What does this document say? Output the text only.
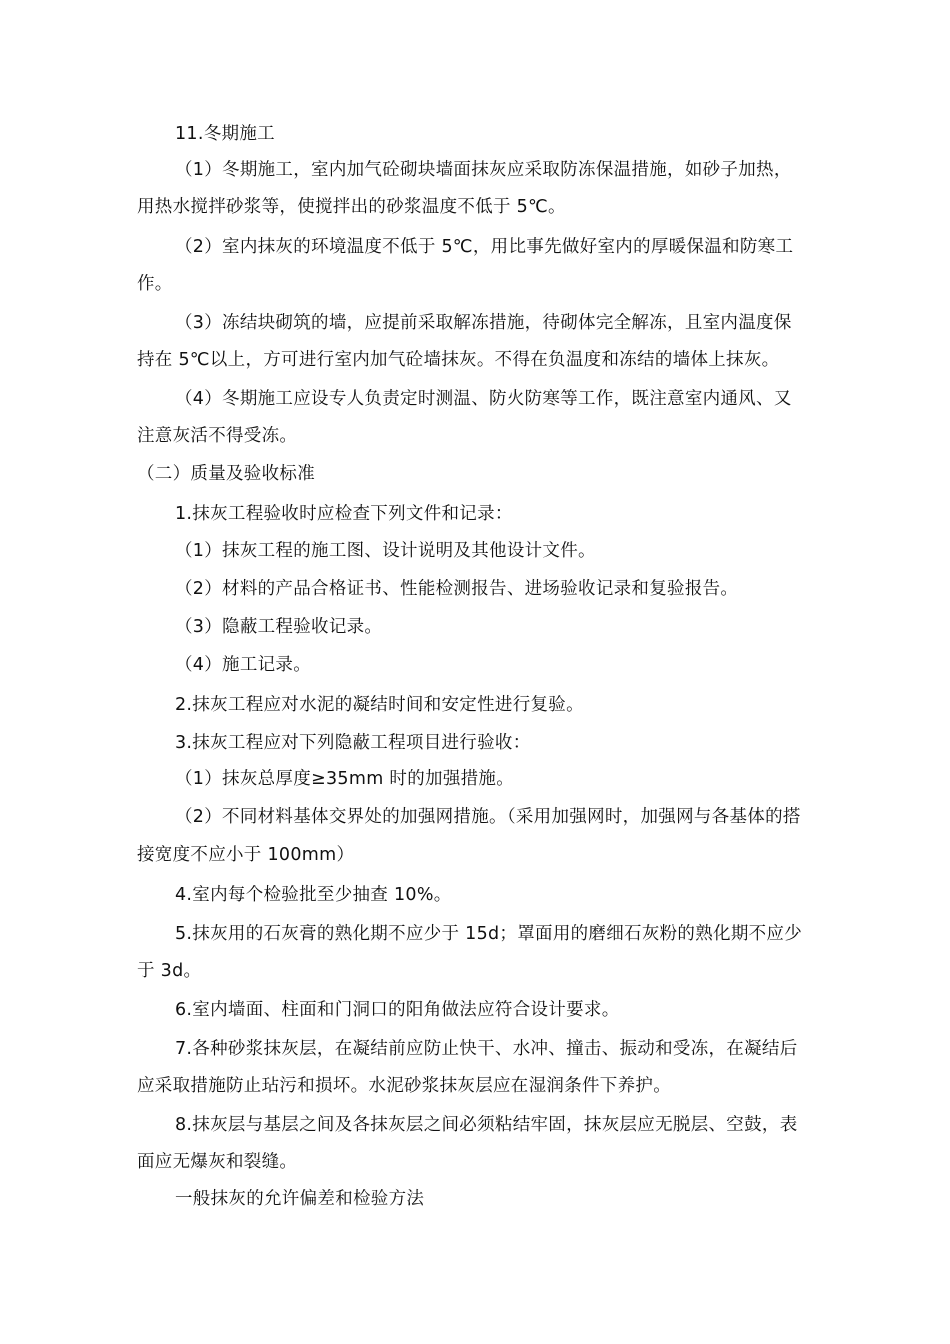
11.冬期施工

（1）冬期施工，室内加气砼砌块墙面抹灰应采取防冻保温措施，如砂子加热，

用热水搅拌砂浆等，使搅拌出的砂浆温度不低于 5℃。

（2）室内抹灰的环境温度不低于 5℃，用比事先做好室内的厚暖保温和防寒工

作。

（3）冻结块砌筑的墙，应提前采取解冻措施，待砌体完全解冻，且室内温度保

持在 5℃以上，方可进行室内加气砼墙抹灰。不得在负温度和冻结的墙体上抹灰。

（4）冬期施工应设专人负责定时测温、防火防寒等工作，既注意室内通风、又

注意灰活不得受冻。

（二）质量及验收标准

1.抹灰工程验收时应检查下列文件和记录：

（1）抹灰工程的施工图、设计说明及其他设计文件。

（2）材料的产品合格证书、性能检测报告、进场验收记录和复验报告。

（3）隐蔽工程验收记录。

（4）施工记录。

2.抹灰工程应对水泥的凝结时间和安定性进行复验。

3.抹灰工程应对下列隐蔽工程项目进行验收：

（1）抹灰总厚度≥35mm 时的加强措施。

（2）不同材料基体交界处的加强网措施。（采用加强网时，加强网与各基体的搭

接宽度不应小于 100mm）

4.室内每个检验批至少抽查 10%。

5.抹灰用的石灰膏的熟化期不应少于 15d；罩面用的磨细石灰粉的熟化期不应少

于 3d。

6.室内墙面、柱面和门洞口的阳角做法应符合设计要求。

7.各种砂浆抹灰层，在凝结前应防止快干、水冲、撞击、振动和受冻，在凝结后

应采取措施防止玷污和损坏。水泥砂浆抹灰层应在湿润条件下养护。

8.抹灰层与基层之间及各抹灰层之间必须粘结牢固，抹灰层应无脱层、空鼓，表

面应无爆灰和裂缝。

一般抹灰的允许偏差和检验方法
